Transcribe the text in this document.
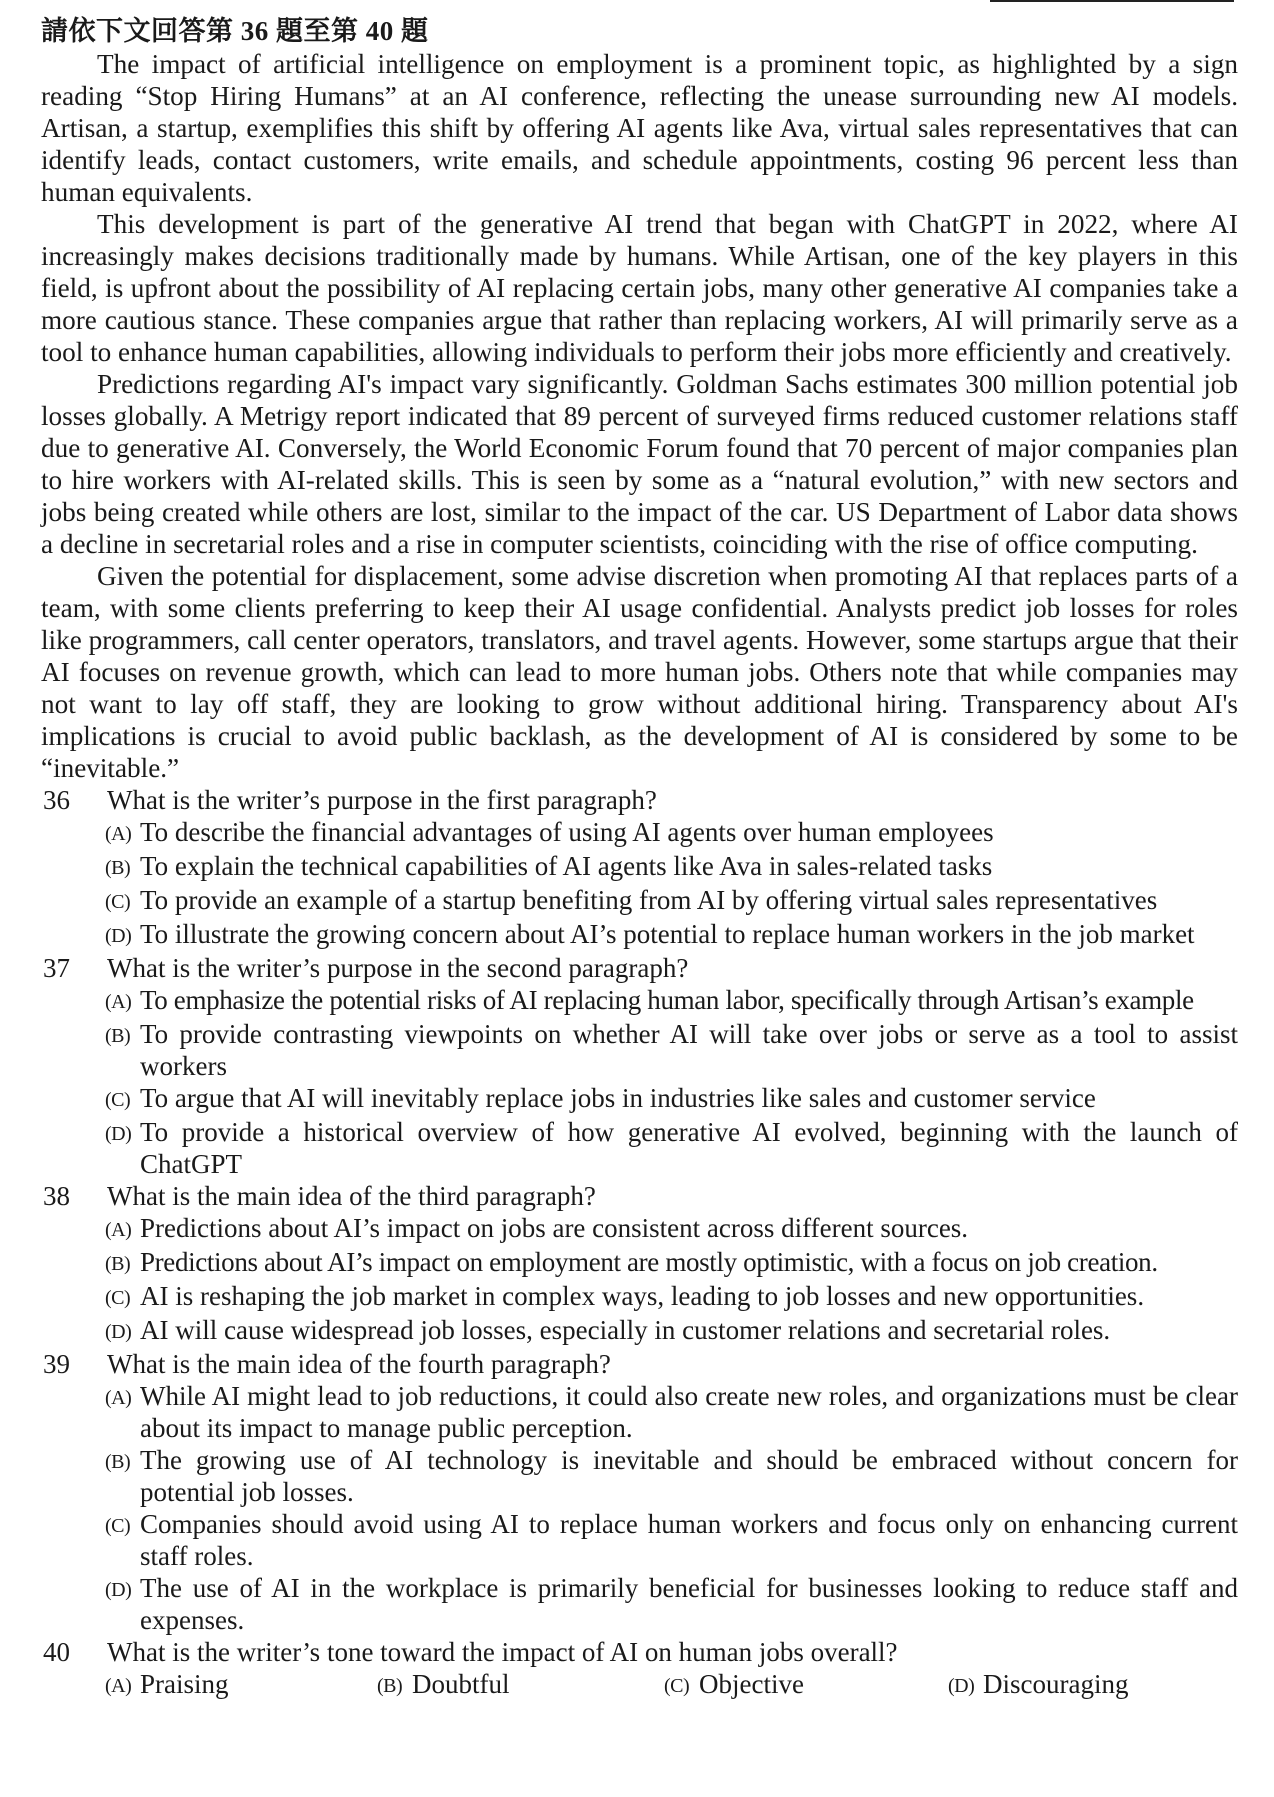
請依下文回答第 36 題至第 40 題

The impact of artificial intelligence on employment is a prominent topic, as highlighted by a sign reading “Stop Hiring Humans” at an AI conference, reflecting the unease surrounding new AI models. Artisan, a startup, exemplifies this shift by offering AI agents like Ava, virtual sales representatives that can identify leads, contact customers, write emails, and schedule appointments, costing 96 percent less than human equivalents.

This development is part of the generative AI trend that began with ChatGPT in 2022, where AI increasingly makes decisions traditionally made by humans. While Artisan, one of the key players in this field, is upfront about the possibility of AI replacing certain jobs, many other generative AI companies take a more cautious stance. These companies argue that rather than replacing workers, AI will primarily serve as a tool to enhance human capabilities, allowing individuals to perform their jobs more efficiently and creatively.

Predictions regarding AI's impact vary significantly. Goldman Sachs estimates 300 million potential job losses globally. A Metrigy report indicated that 89 percent of surveyed firms reduced customer relations staff due to generative AI. Conversely, the World Economic Forum found that 70 percent of major companies plan to hire workers with AI-related skills. This is seen by some as a “natural evolution,” with new sectors and jobs being created while others are lost, similar to the impact of the car. US Department of Labor data shows a decline in secretarial roles and a rise in computer scientists, coinciding with the rise of office computing.

Given the potential for displacement, some advise discretion when promoting AI that replaces parts of a team, with some clients preferring to keep their AI usage confidential. Analysts predict job losses for roles like programmers, call center operators, translators, and travel agents. However, some startups argue that their AI focuses on revenue growth, which can lead to more human jobs. Others note that while companies may not want to lay off staff, they are looking to grow without additional hiring. Transparency about AI's implications is crucial to avoid public backlash, as the development of AI is considered by some to be “inevitable.”

36	What is the writer’s purpose in the first paragraph?
(A) To describe the financial advantages of using AI agents over human employees
(B) To explain the technical capabilities of AI agents like Ava in sales-related tasks
(C) To provide an example of a startup benefiting from AI by offering virtual sales representatives
(D) To illustrate the growing concern about AI’s potential to replace human workers in the job market
37	What is the writer’s purpose in the second paragraph?
(A) To emphasize the potential risks of AI replacing human labor, specifically through Artisan’s example
(B) To provide contrasting viewpoints on whether AI will take over jobs or serve as a tool to assist workers
(C) To argue that AI will inevitably replace jobs in industries like sales and customer service
(D) To provide a historical overview of how generative AI evolved, beginning with the launch of ChatGPT
38	What is the main idea of the third paragraph?
(A) Predictions about AI’s impact on jobs are consistent across different sources.
(B) Predictions about AI’s impact on employment are mostly optimistic, with a focus on job creation.
(C) AI is reshaping the job market in complex ways, leading to job losses and new opportunities.
(D) AI will cause widespread job losses, especially in customer relations and secretarial roles.
39	What is the main idea of the fourth paragraph?
(A) While AI might lead to job reductions, it could also create new roles, and organizations must be clear about its impact to manage public perception.
(B) The growing use of AI technology is inevitable and should be embraced without concern for potential job losses.
(C) Companies should avoid using AI to replace human workers and focus only on enhancing current staff roles.
(D) The use of AI in the workplace is primarily beneficial for businesses looking to reduce staff and expenses.
40	What is the writer’s tone toward the impact of AI on human jobs overall?
(A) Praising	(B) Doubtful	(C) Objective	(D) Discouraging
